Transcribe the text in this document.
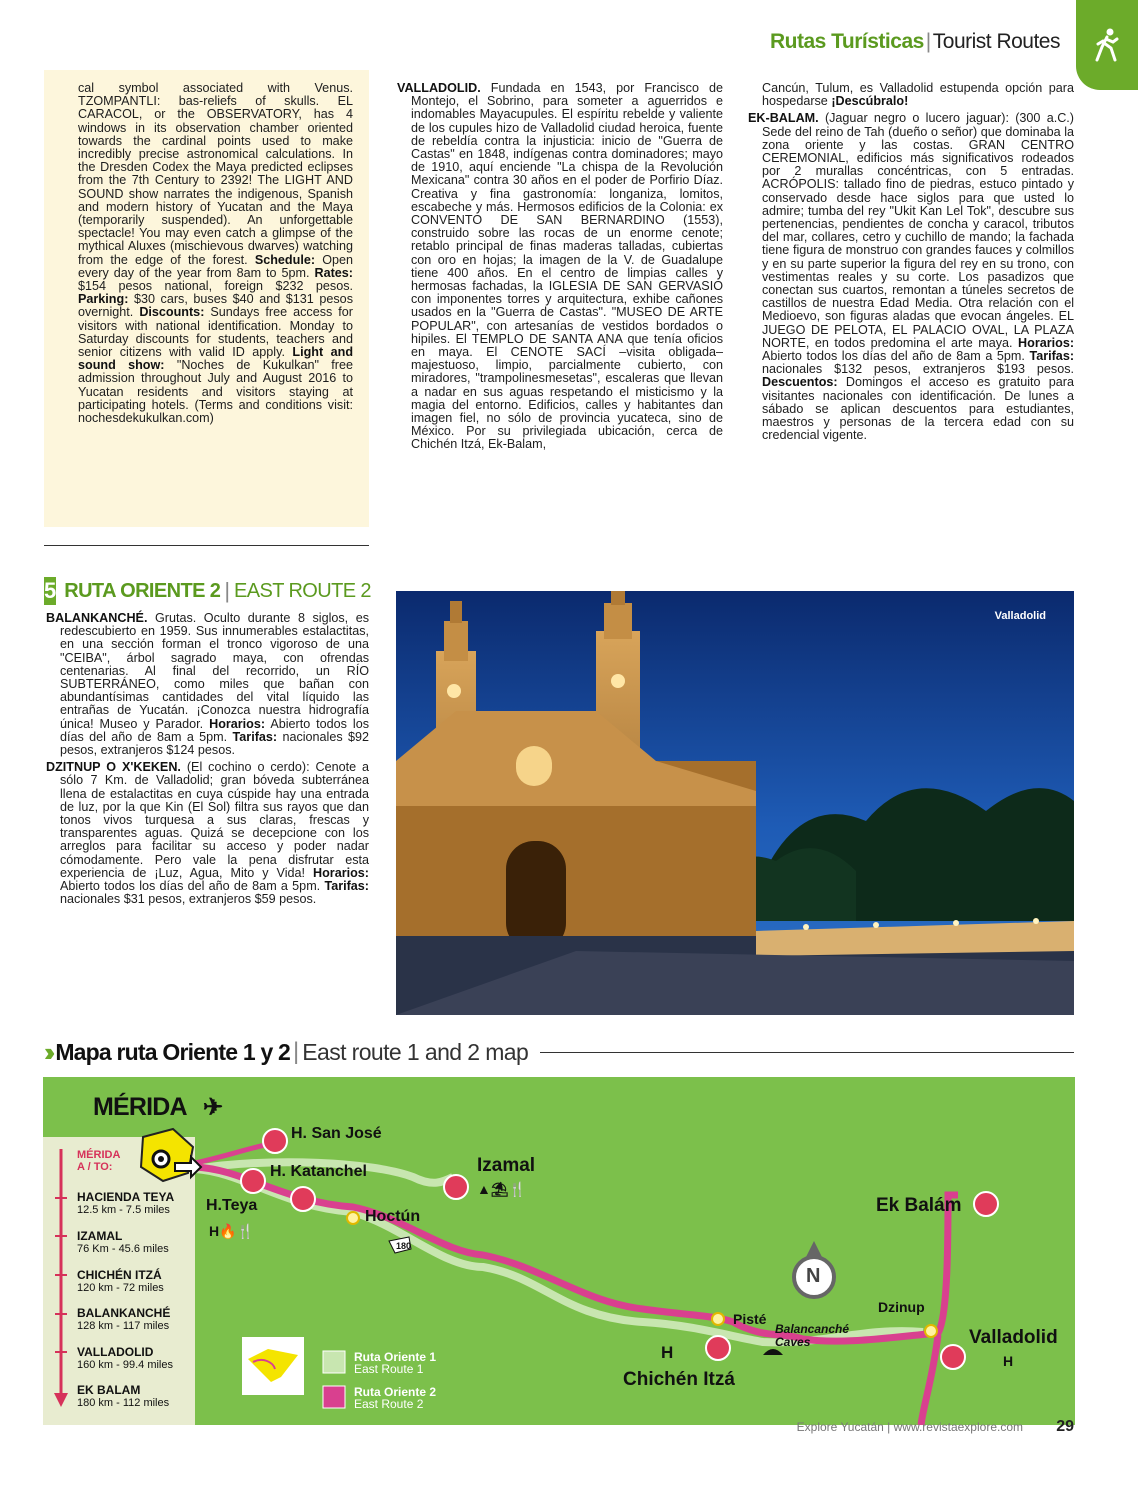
Rutas Turísticas|Tourist Routes
cal symbol associated with Venus. TZOMPANTLI: bas-reliefs of skulls. EL CARACOL, or the OBSERVATORY, has 4 windows in its observation chamber oriented towards the cardinal points used to make incredibly precise astronomical calculations. In the Dresden Codex the Maya predicted eclipses from the 7th Century to 2392! The LIGHT AND SOUND show narrates the indigenous, Spanish and modern history of Yucatan and the Maya (temporarily suspended). An unforgettable spectacle! You may even catch a glimpse of the mythical Aluxes (mischievous dwarves) watching from the edge of the forest. Schedule: Open every day of the year from 8am to 5pm. Rates: $154 pesos national, foreign $232 pesos. Parking: $30 cars, buses $40 and $131 pesos overnight. Discounts: Sundays free access for visitors with national identification. Monday to Saturday discounts for students, teachers and senior citizens with valid ID apply. Light and sound show: "Noches de Kukulkan" free admission throughout July and August 2016 to Yucatan residents and visitors staying at participating hotels. (Terms and conditions visit: nochesdekukulkan.com)
5 RUTA ORIENTE 2 | EAST ROUTE 2

BALANKANCHÉ. Grutas. Oculto durante 8 siglos, es redescubierto en 1959. Sus innumerables estalactitas, en una sección forman el tronco vigoroso de una "CEIBA", árbol sagrado maya, con ofrendas centenarias. Al final del recorrido, un RÍO SUBTERRÁNEO, como miles que bañan con abundantísimas cantidades del vital líquido las entrañas de Yucatán. ¡Conozca nuestra hidrografía única! Museo y Parador. Horarios: Abierto todos los días del año de 8am a 5pm. Tarifas: nacionales $92 pesos, extranjeros $124 pesos.

DZITNUP O X'KEKEN. (El cochino o cerdo): Cenote a sólo 7 Km. de Valladolid; gran bóveda subterránea llena de estalactitas en cuya cúspide hay una entrada de luz, por la que Kin (El Sol) filtra sus rayos que dan tonos vivos turquesa a sus claras, frescas y transparentes aguas. Quizá se decepcione con los arreglos para facilitar su acceso y poder nadar cómodamente. Pero vale la pena disfrutar esta experiencia de ¡Luz, Agua, Mito y Vida! Horarios: Abierto todos los días del año de 8am a 5pm. Tarifas: nacionales $31 pesos, extranjeros $59 pesos.

VALLADOLID. Fundada en 1543, por Francisco de Montejo, el Sobrino, para someter a aguerridos e indomables Mayacupules. El espíritu rebelde y valiente de los cupules hizo de Valladolid ciudad heroica, fuente de rebeldía contra la injusticia: inicio de "Guerra de Castas" en 1848, indígenas contra dominadores; mayo de 1910, aquí enciende "La chispa de la Revolución Mexicana" contra 30 años en el poder de Porfirio Díaz. Creativa y fina gastronomía: longaniza, lomitos, escabeche y más. Hermosos edificios de la Colonia: ex CONVENTO DE SAN BERNARDINO (1553), construido sobre las rocas de un enorme cenote; retablo principal de finas maderas talladas, cubiertas con oro en hojas; la imagen de la V. de Guadalupe tiene 400 años. En el centro de limpias calles y hermosas fachadas, la IGLESIA DE SAN GERVASIO con imponentes torres y arquitectura, exhibe cañones usados en la "Guerra de Castas". "MUSEO DE ARTE POPULAR", con artesanías de vestidos bordados o hipiles. El TEMPLO DE SANTA ANA que tenía oficios en maya. El CENOTE SACÍ –visita obligada– majestuoso, limpio, parcialmente cubierto, con miradores, "trampolinesmesetas", escaleras que llevan a nadar en sus aguas respetando el misticismo y la magia del entorno. Edificios, calles y habitantes dan imagen fiel, no sólo de provincia yucateca, sino de México. Por su privilegiada ubicación, cerca de Chichén Itzá, Ek-Balam,

Cancún, Tulum, es Valladolid estupenda opción para hospedarse ¡Descúbralo!

EK-BALAM. (Jaguar negro o lucero jaguar): (300 a.C.) Sede del reino de Tah (dueño o señor) que dominaba la zona oriente y las costas. GRAN CENTRO CEREMONIAL, edificios más significativos rodeados por 2 murallas concéntricas, con 5 entradas. ACRÓPOLIS: tallado fino de piedras, estuco pintado y conservado desde hace siglos para que usted lo admire; tumba del rey "Ukit Kan Lel Tok", descubre sus pertenencias, pendientes de concha y caracol, tributos del mar, collares, cetro y cuchillo de mando; la fachada tiene figura de monstruo con grandes fauces y colmillos y en su parte superior la figura del rey en su trono, con vestimentas reales y su corte. Los pasadizos que conectan sus cuartos, remontan a túneles secretos de castillos de nuestra Edad Media. Otra relación con el Medioevo, son figuras aladas que evocan ángeles. EL JUEGO DE PELOTA, EL PALACIO OVAL, LA PLAZA NORTE, en todos predomina el arte maya. Horarios: Abierto todos los días del año de 8am a 5pm. Tarifas: nacionales $132 pesos, extranjeros $193 pesos. Descuentos: Domingos el acceso es gratuito para visitantes nacionales con identificación. De lunes a sábado se aplican descuentos para estudiantes, maestros y personas de la tercera edad con su credencial vigente.

Valladolid
›› Mapa ruta Oriente 1 y 2 | East route 1 and 2 map
MÉRIDA ✈
MÉRIDA
A / TO:
HACIENDA TEYA
12.5 km - 7.5 miles
IZAMAL
76 Km - 45.6 miles
CHICHÉN ITZÁ
120 km - 72 miles
BALANKANCHÉ
128 km - 117 miles
VALLADOLID
160 km - 99.4 miles
EK BALAM
180 km - 112 miles
H. San José
H. Katanchel
H.Teya
H🔥🍴
Hoctún
180
Izamal
▲⛱🍴
Pisté
Balancanché
Caves
H
Chichén Itzá
Dzinup
Valladolid
H
Ek Balám
N
Ruta Oriente 1
East Route 1
Ruta Oriente 2
East Route 2
Explore Yucatán | www.revistaexplore.com 29
